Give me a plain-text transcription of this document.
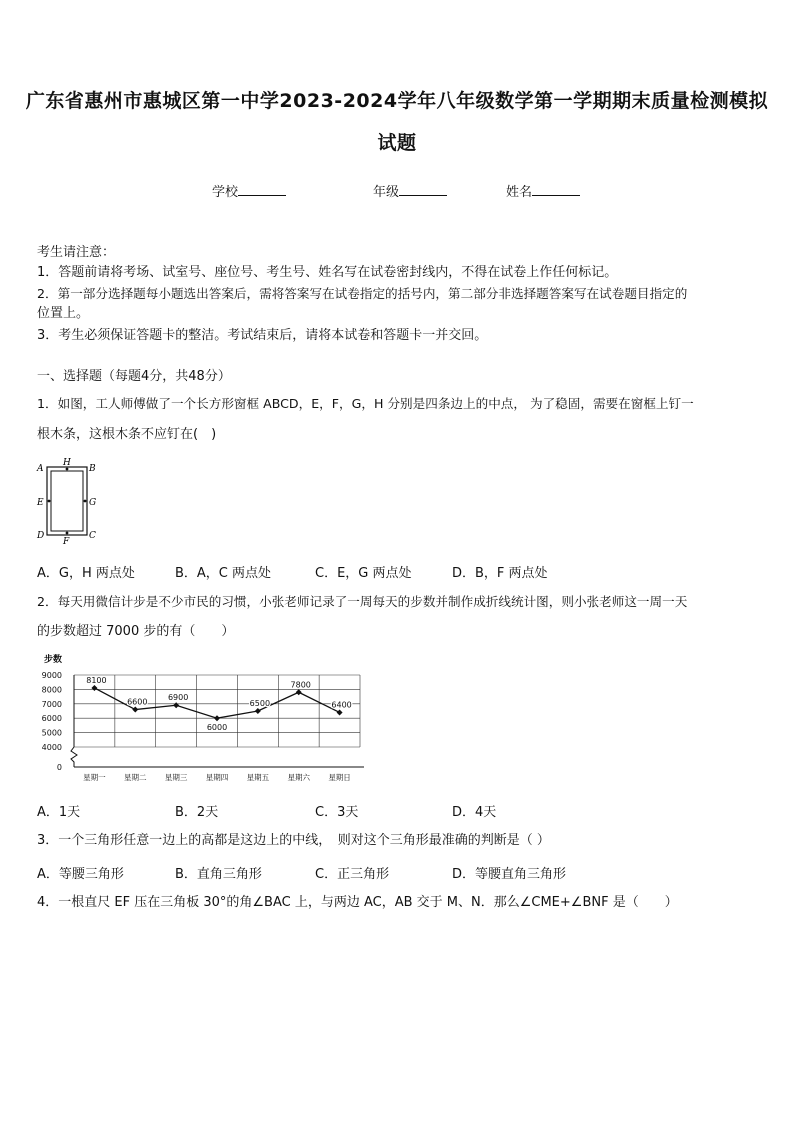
广东省惠州市惠城区第一中学2023-2024学年八年级数学第一学期期末质量检测模拟
试题
学校	年级	姓名
考生请注意：
1．答题前请将考场、试室号、座位号、考生号、姓名写在试卷密封线内，不得在试卷上作任何标记。
2．第一部分选择题每小题选出答案后，需将答案写在试卷指定的括号内，第二部分非选择题答案写在试卷题目指定的
位置上。
3．考生必须保证答题卡的整洁。考试结束后，请将本试卷和答题卡一并交回。
一、选择题（每题4分，共48分）
1．如图，工人师傅做了一个长方形窗框 ABCD，E，F，G，H 分别是四条边上的中点， 为了稳固，需要在窗框上钉一
根木条，这根木条不应钉在(　)
A
H
B
E	G
D
F
C
A．G，H 两点处	B．A，C 两点处	C．E，G 两点处	D．B，F 两点处
2．每天用微信计步是不少市民的习惯，小张老师记录了一周每天的步数并制作成折线统计图，则小张老师这一周一天
的步数超过 7000 步的有（　　）
步数
0
4000
5000
6000
7000
8000
9000
星期一 星期二 星期三 星期四 星期五 星期六 星期日
8100
6600	6900
6000
6500
7800
6400
A．1天	B．2天	C．3天	D．4天
3．一个三角形任意一边上的高都是这边上的中线，　则对这个三角形最准确的判断是（ ）
A．等腰三角形	B．直角三角形	C．正三角形	D．等腰直角三角形
4．一根直尺 EF 压在三角板 30°的角∠BAC 上，与两边 AC，AB 交于 M、N．那么∠CME+∠BNF 是（　　）
